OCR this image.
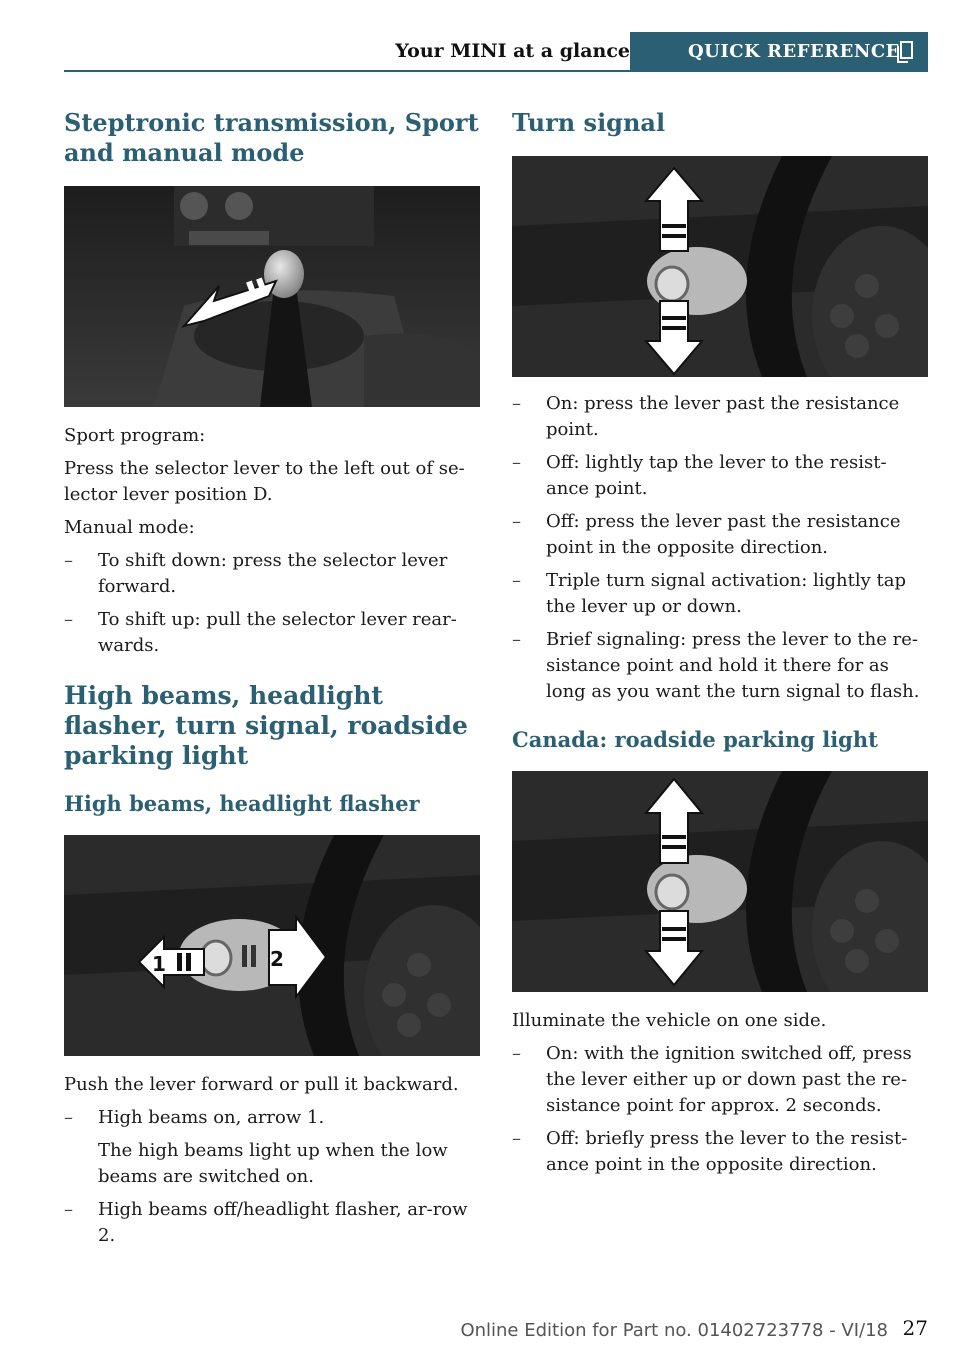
Your MINI at a glance	QUICK REFERENCE
Steptronic transmission, Sport and manual mode

Sport program:

Press the selector lever to the left out of se-lector lever position D.

Manual mode:

– To shift down: press the selector lever forward.
– To shift up: pull the selector lever rear-wards.
High beams, headlight flasher, turn signal, roadside parking light
High beams, headlight flasher
1	2

Push the lever forward or pull it backward.

– High beams on, arrow 1.
The high beams light up when the low beams are switched on.
– High beams off/headlight flasher, ar-row 2.
Turn signal
– On: press the lever past the resistance point.
– Off: lightly tap the lever to the resist-ance point.
– Off: press the lever past the resistance point in the opposite direction.
– Triple turn signal activation: lightly tap the lever up or down.
– Brief signaling: press the lever to the re-sistance point and hold it there for as long as you want the turn signal to flash.
Canada: roadside parking light

Illuminate the vehicle on one side.

– On: with the ignition switched off, press the lever either up or down past the re-sistance point for approx. 2 seconds.
– Off: briefly press the lever to the resist-ance point in the opposite direction.
Online Edition for Part no. 01402723778 - VI/18 27
